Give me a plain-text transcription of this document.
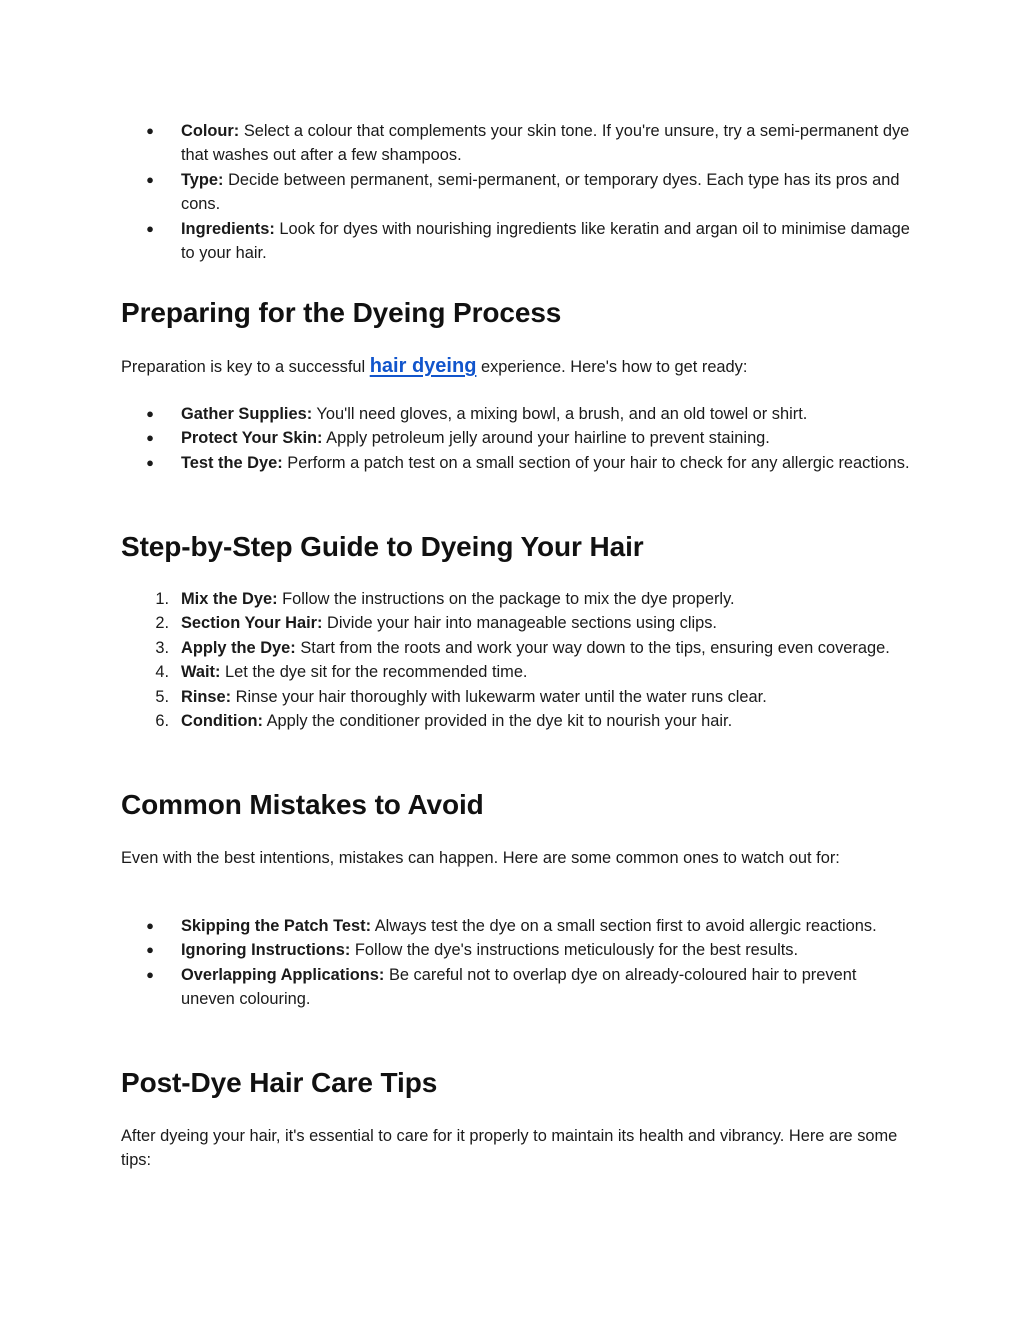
●	Colour: Select a colour that complements your skin tone. If you're unsure, try a semi-permanent dye that washes out after a few shampoos.
●	Type: Decide between permanent, semi-permanent, or temporary dyes. Each type has its pros and cons.
●	Ingredients: Look for dyes with nourishing ingredients like keratin and argan oil to minimise damage to your hair.
Preparing for the Dyeing Process

Preparation is key to a successful hair dyeing experience. Here's how to get ready:

●	Gather Supplies: You'll need gloves, a mixing bowl, a brush, and an old towel or shirt.
●	Protect Your Skin: Apply petroleum jelly around your hairline to prevent staining.
●	Test the Dye: Perform a patch test on a small section of your hair to check for any allergic reactions.
Step-by-Step Guide to Dyeing Your Hair
1. Mix the Dye: Follow the instructions on the package to mix the dye properly.
2. Section Your Hair: Divide your hair into manageable sections using clips.
3. Apply the Dye: Start from the roots and work your way down to the tips, ensuring even coverage.
4. Wait: Let the dye sit for the recommended time.
5. Rinse: Rinse your hair thoroughly with lukewarm water until the water runs clear.
6. Condition: Apply the conditioner provided in the dye kit to nourish your hair.
Common Mistakes to Avoid

Even with the best intentions, mistakes can happen. Here are some common ones to watch out for:

●	Skipping the Patch Test: Always test the dye on a small section first to avoid allergic reactions.
●	Ignoring Instructions: Follow the dye's instructions meticulously for the best results.
●	Overlapping Applications: Be careful not to overlap dye on already-coloured hair to prevent uneven colouring.
Post-Dye Hair Care Tips

After dyeing your hair, it's essential to care for it properly to maintain its health and vibrancy. Here are some tips:
